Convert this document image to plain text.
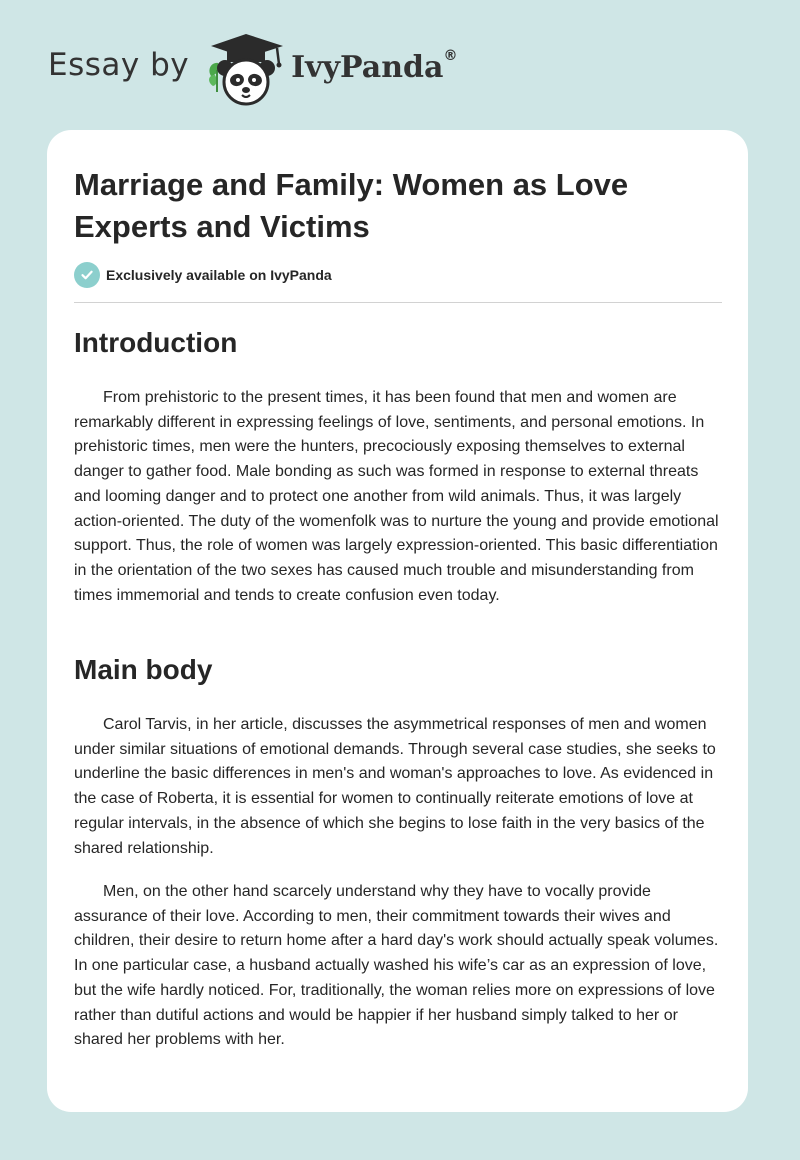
Essay by	IvyPanda®
Marriage and Family: Women as Love Experts and Victims
Exclusively available on IvyPanda
Introduction

From prehistoric to the present times, it has been found that men and women are remarkably different in expressing feelings of love, sentiments, and personal emotions. In prehistoric times, men were the hunters, precociously exposing themselves to external danger to gather food. Male bonding as such was formed in response to external threats and looming danger and to protect one another from wild animals. Thus, it was largely action-oriented. The duty of the womenfolk was to nurture the young and provide emotional support. Thus, the role of women was largely expression-oriented. This basic differentiation in the orientation of the two sexes has caused much trouble and misunderstanding from times immemorial and tends to create confusion even today.

Main body

Carol Tarvis, in her article, discusses the asymmetrical responses of men and women under similar situations of emotional demands. Through several case studies, she seeks to underline the basic differences in men's and woman's approaches to love. As evidenced in the case of Roberta, it is essential for women to continually reiterate emotions of love at regular intervals, in the absence of which she begins to lose faith in the very basics of the shared relationship.

Men, on the other hand scarcely understand why they have to vocally provide assurance of their love. According to men, their commitment towards their wives and children, their desire to return home after a hard day's work should actually speak volumes. In one particular case, a husband actually washed his wife’s car as an expression of love, but the wife hardly noticed. For, traditionally, the woman relies more on expressions of love rather than dutiful actions and would be happier if her husband simply talked to her or shared her problems with her.
